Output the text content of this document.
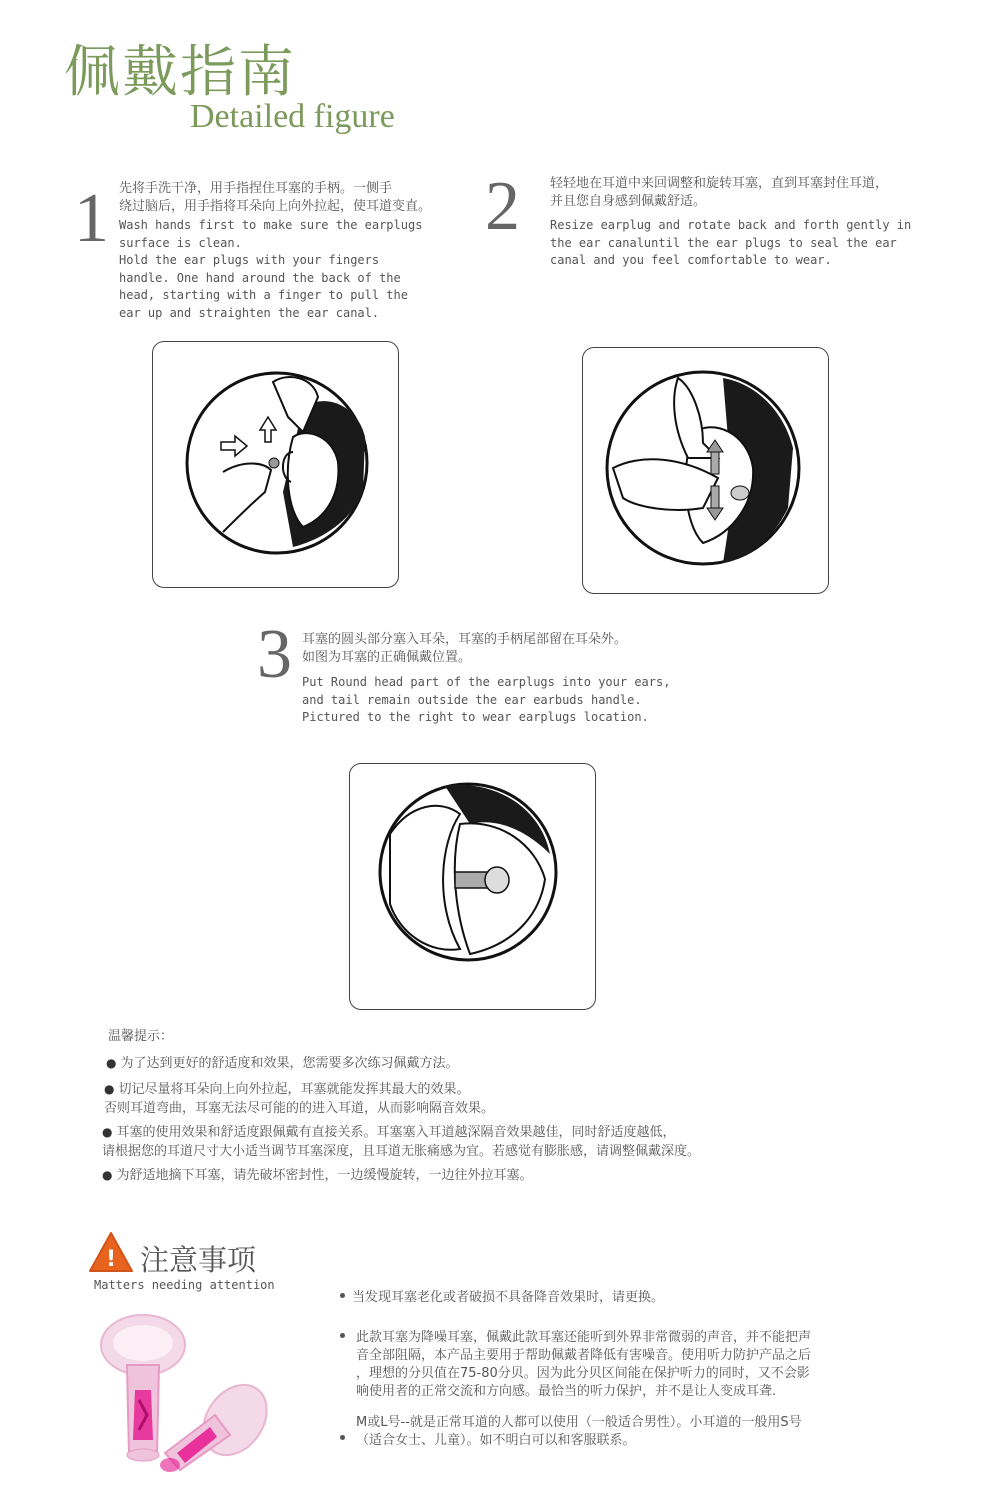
佩戴指南
Detailed figure
1 先将手洗干净，用手指捏住耳塞的手柄。一侧手
绕过脑后，用手指将耳朵向上向外拉起，使耳道变直。
Wash hands first to make sure the earplugs
surface is clean.
Hold the ear plugs with your fingers
handle. One hand around the back of the
head, starting with a finger to pull the
ear up and straighten the ear canal.
2 轻轻地在耳道中来回调整和旋转耳塞，直到耳塞封住耳道，
并且您自身感到佩戴舒适。
Resize earplug and rotate back and forth gently in
the ear canaluntil the ear plugs to seal the ear
canal and you feel comfortable to wear.
3 耳塞的圆头部分塞入耳朵，耳塞的手柄尾部留在耳朵外。
如图为耳塞的正确佩戴位置。
Put Round head part of the earplugs into your ears,
and tail remain outside the ear earbuds handle.
Pictured to the right to wear earplugs location.
温馨提示：
● 为了达到更好的舒适度和效果，您需要多次练习佩戴方法。
● 切记尽量将耳朵向上向外拉起，耳塞就能发挥其最大的效果。
否则耳道弯曲，耳塞无法尽可能的的进入耳道，从而影响隔音效果。
● 耳塞的使用效果和舒适度跟佩戴有直接关系。耳塞塞入耳道越深隔音效果越佳，同时舒适度越低，
请根据您的耳道尺寸大小适当调节耳塞深度，且耳道无胀痛感为宜。若感觉有膨胀感，请调整佩戴深度。
● 为舒适地摘下耳塞，请先破坏密封性，一边缓慢旋转，一边往外拉耳塞。
! 注意事项
Matters needing attention
当发现耳塞老化或者破损不具备降音效果时，请更换。
此款耳塞为降噪耳塞，佩戴此款耳塞还能听到外界非常微弱的声音，并不能把声
音全部阻隔，本产品主要用于帮助佩戴者降低有害噪音。使用听力防护产品之后
，理想的分贝值在75-80分贝。因为此分贝区间能在保护听力的同时，又不会影
响使用者的正常交流和方向感。最恰当的听力保护，并不是让人变成耳聋.
M或L号--就是正常耳道的人都可以使用（一般适合男性）。小耳道的一般用S号
（适合女士、儿童）。如不明白可以和客服联系。
